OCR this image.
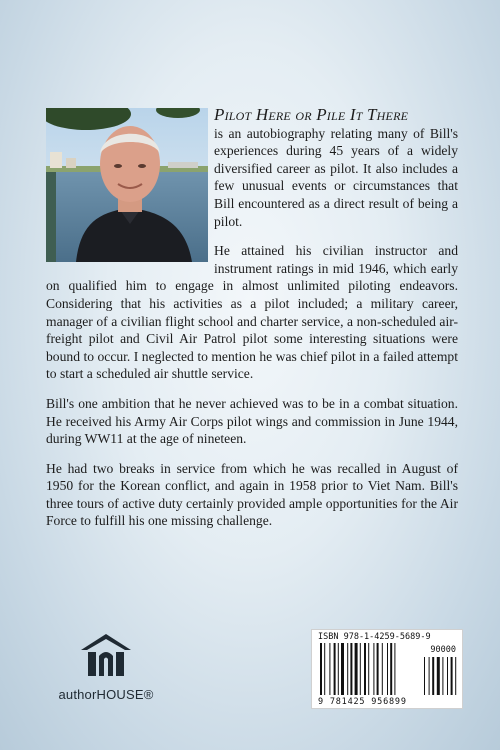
Pilot Here or Pile It There
is an autobiography relating many of Bill's experiences during 45 years of a widely diversified career as pilot. It also includes a few unusual events or circumstances that Bill encountered as a direct result of being a pilot.

He attained his civilian instructor and instrument ratings in mid 1946, which early on qualified him to engage in almost unlimited piloting endeavors. Considering that his activities as a pilot included; a military career, manager of a civilian flight school and charter service, a non-scheduled air-freight pilot and Civil Air Patrol pilot some interesting situations were bound to occur. I neglected to mention he was chief pilot in a failed attempt to start a scheduled air shuttle service.

Bill's one ambition that he never achieved was to be in a combat situation. He received his Army Air Corps pilot wings and commission in June 1944, during WW11 at the age of nineteen.

He had two breaks in service from which he was recalled in August of 1950 for the Korean conflict, and again in 1958 prior to Viet Nam. Bill's three tours of active duty certainly provided ample opportunities for the Air Force to fulfill his one missing challenge.

authorHOUSE®
ISBN 978-1-4259-5689-9
90000
9 781425 956899
